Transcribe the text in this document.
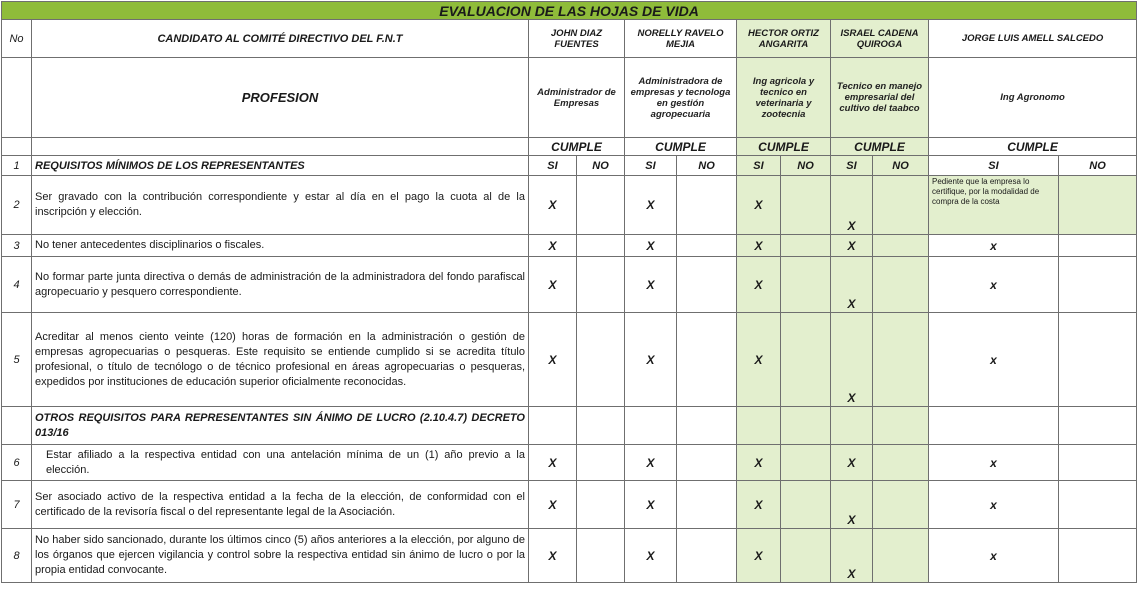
EVALUACION DE LAS HOJAS DE VIDA											
No	CANDIDATO AL COMITÉ DIRECTIVO DEL F.N.T	JOHN DIAZ FUENTES		NORELLY RAVELO MEJIA		HECTOR ORTIZ ANGARITA		ISRAEL CADENA QUIROGA		JORGE LUIS AMELL SALCEDO	
	PROFESION	Administrador de Empresas		Administradora de empresas y tecnologa en gestión agropecuaria		Ing agricola y tecnico en veterinaria y zootecnia		Tecnico en manejo empresarial del cultivo del taabco		Ing Agronomo	
		CUMPLE		CUMPLE		CUMPLE		CUMPLE		CUMPLE	
1	REQUISITOS MÍNIMOS DE LOS REPRESENTANTES	SI	NO	SI	NO	SI	NO	SI	NO	SI	NO
2	Ser gravado con la contribución correspondiente y estar al día en el pago la cuota al de la inscripción y elección.	X		X		X		X		Pediente que la empresa lo certifique, por la modalidad de compra de la costa	
3	No tener antecedentes disciplinarios o fiscales.	X		X		X		X		x	
4	No formar parte junta directiva o demás de administración de la administradora del fondo parafiscal agropecuario y pesquero correspondiente.	X		X		X		X		x	
5	Acreditar al menos ciento veinte (120) horas de formación en la administración o gestión de empresas agropecuarias o pesqueras. Este requisito se entiende cumplido si se acredita título profesional, o título de tecnólogo o de técnico profesional en áreas agropecuarias o pesqueras, expedidos por instituciones de educación superior oficialmente reconocidas.	X		X		X		X		x	
	OTROS REQUISITOS PARA REPRESENTANTES SIN ÁNIMO DE LUCRO (2.10.4.7) DECRETO 013/16										
6	Estar afiliado a la respectiva entidad con una antelación mínima de un (1) año previo a la elección.	X		X		X		X		x	
7	Ser asociado activo de la respectiva entidad a la fecha de la elección, de conformidad con el certificado de la revisoría fiscal o del representante legal de la Asociación.	X		X		X		X		x	
8	No haber sido sancionado, durante los últimos cinco (5) años anteriores a la elección, por alguno de los órganos que ejercen vigilancia y control sobre la respectiva entidad sin ánimo de lucro o por la propia entidad convocante.	X		X		X		X		x	
